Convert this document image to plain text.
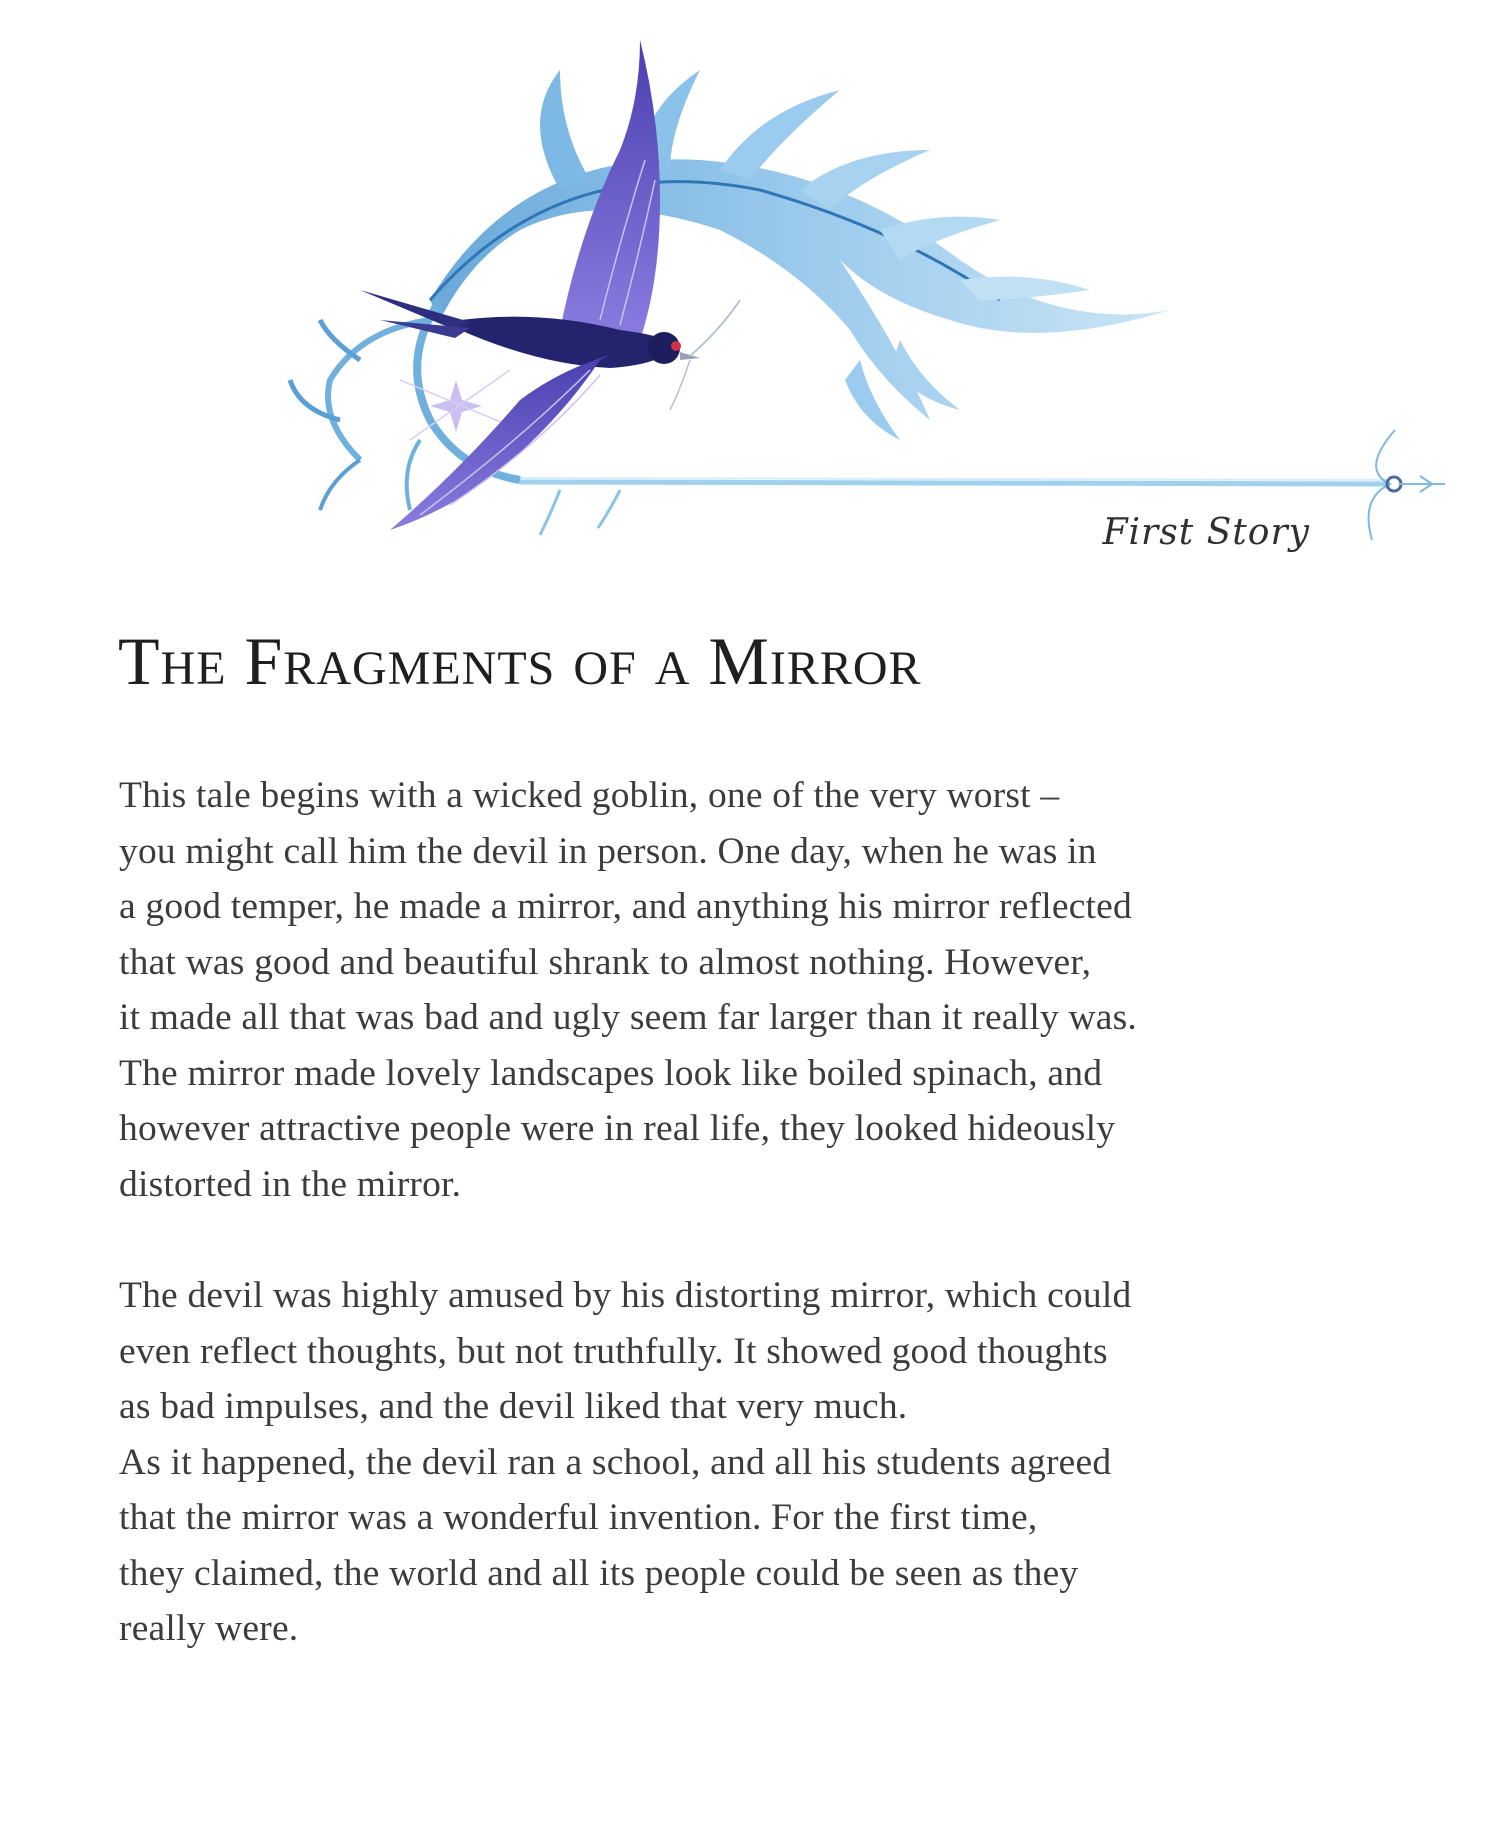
First Story
The Fragments of a Mirror

This tale begins with a wicked goblin, one of the very worst –

you might call him the devil in person. One day, when he was in

a good temper, he made a mirror, and anything his mirror reflected

that was good and beautiful shrank to almost nothing. However,

it made all that was bad and ugly seem far larger than it really was.

The mirror made lovely landscapes look like boiled spinach, and

however attractive people were in real life, they looked hideously

distorted in the mirror.

The devil was highly amused by his distorting mirror, which could

even reflect thoughts, but not truthfully. It showed good thoughts

as bad impulses, and the devil liked that very much.

As it happened, the devil ran a school, and all his students agreed

that the mirror was a wonderful invention. For the first time,

they claimed, the world and all its people could be seen as they

really were.
